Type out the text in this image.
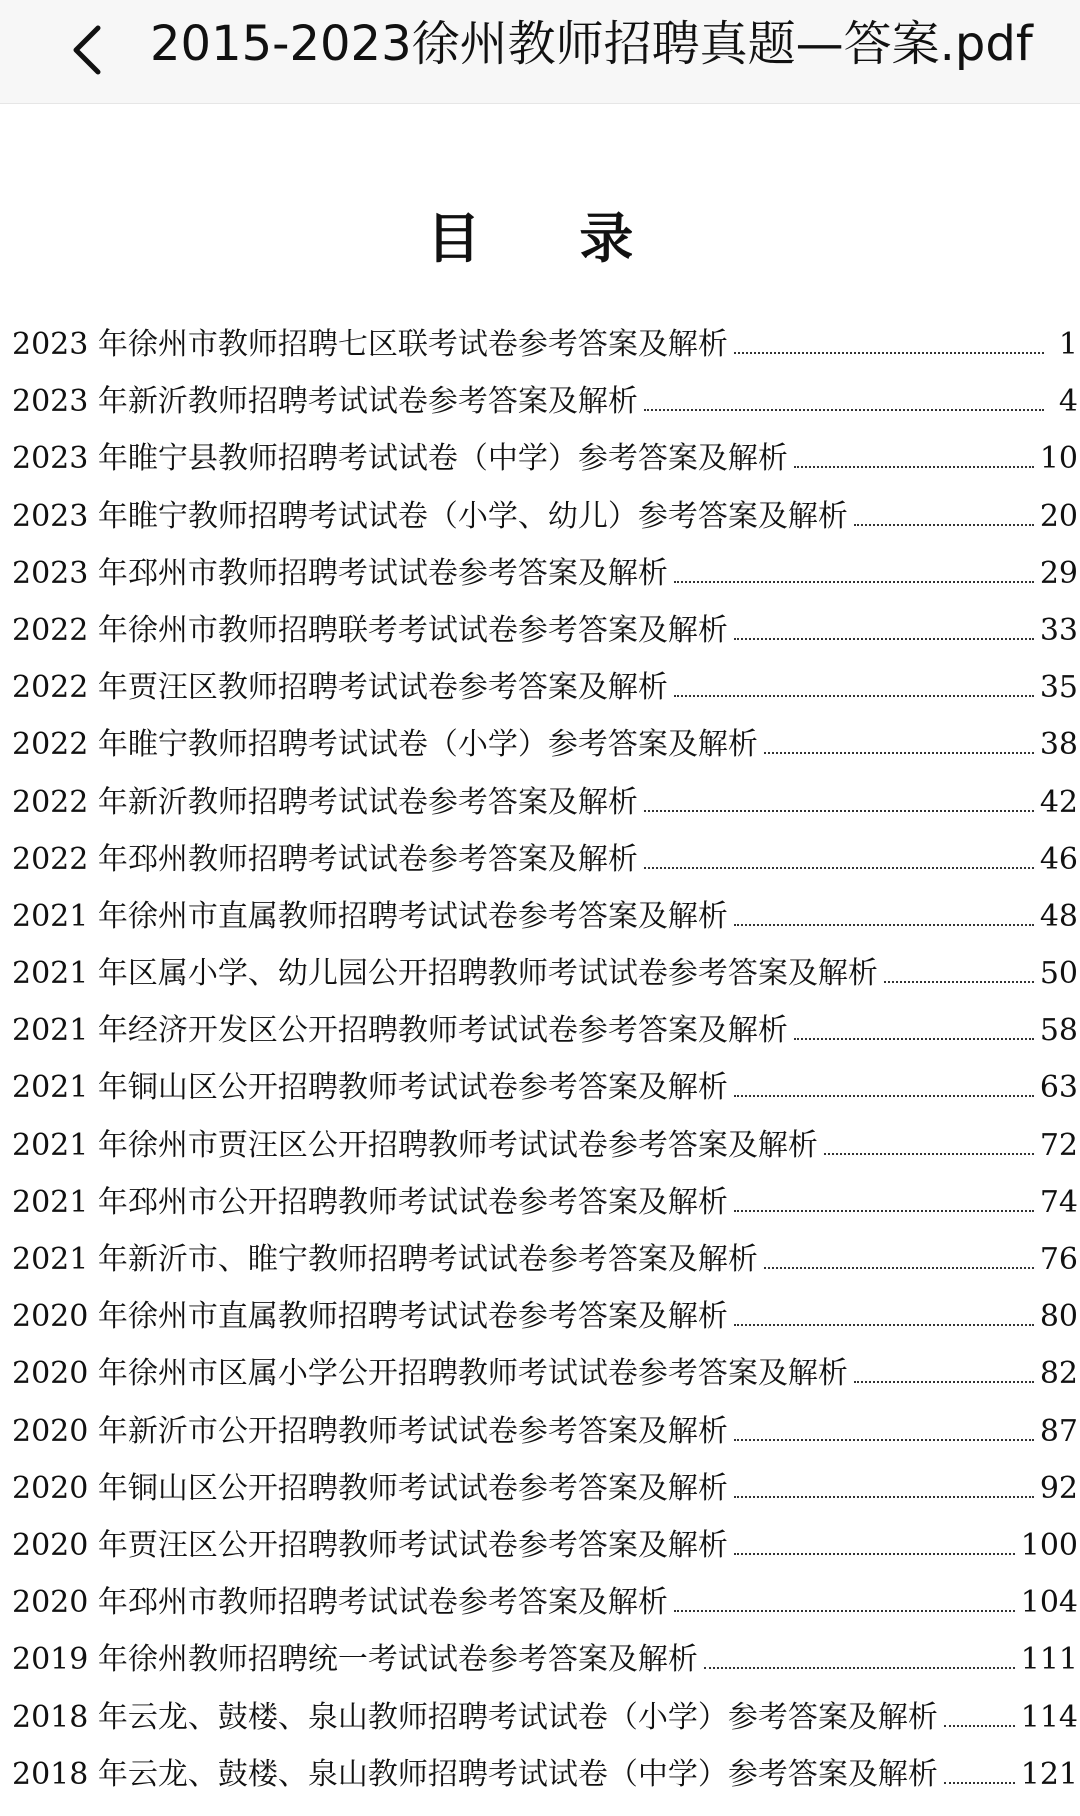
2015-2023徐州教师招聘真题—答案.pdf
目 录
2023 年徐州市教师招聘七区联考试卷参考答案及解析	1
2023 年新沂教师招聘考试试卷参考答案及解析	4
2023 年睢宁县教师招聘考试试卷（中学）参考答案及解析	10
2023 年睢宁教师招聘考试试卷（小学、幼儿）参考答案及解析	20
2023 年邳州市教师招聘考试试卷参考答案及解析	29
2022 年徐州市教师招聘联考考试试卷参考答案及解析	33
2022 年贾汪区教师招聘考试试卷参考答案及解析	35
2022 年睢宁教师招聘考试试卷（小学）参考答案及解析	38
2022 年新沂教师招聘考试试卷参考答案及解析	42
2022 年邳州教师招聘考试试卷参考答案及解析	46
2021 年徐州市直属教师招聘考试试卷参考答案及解析	48
2021 年区属小学、幼儿园公开招聘教师考试试卷参考答案及解析	50
2021 年经济开发区公开招聘教师考试试卷参考答案及解析	58
2021 年铜山区公开招聘教师考试试卷参考答案及解析	63
2021 年徐州市贾汪区公开招聘教师考试试卷参考答案及解析	72
2021 年邳州市公开招聘教师考试试卷参考答案及解析	74
2021 年新沂市、睢宁教师招聘考试试卷参考答案及解析	76
2020 年徐州市直属教师招聘考试试卷参考答案及解析	80
2020 年徐州市区属小学公开招聘教师考试试卷参考答案及解析	82
2020 年新沂市公开招聘教师考试试卷参考答案及解析	87
2020 年铜山区公开招聘教师考试试卷参考答案及解析	92
2020 年贾汪区公开招聘教师考试试卷参考答案及解析	100
2020 年邳州市教师招聘考试试卷参考答案及解析	104
2019 年徐州教师招聘统一考试试卷参考答案及解析	111
2018 年云龙、鼓楼、泉山教师招聘考试试卷（小学）参考答案及解析	114
2018 年云龙、鼓楼、泉山教师招聘考试试卷（中学）参考答案及解析	121
